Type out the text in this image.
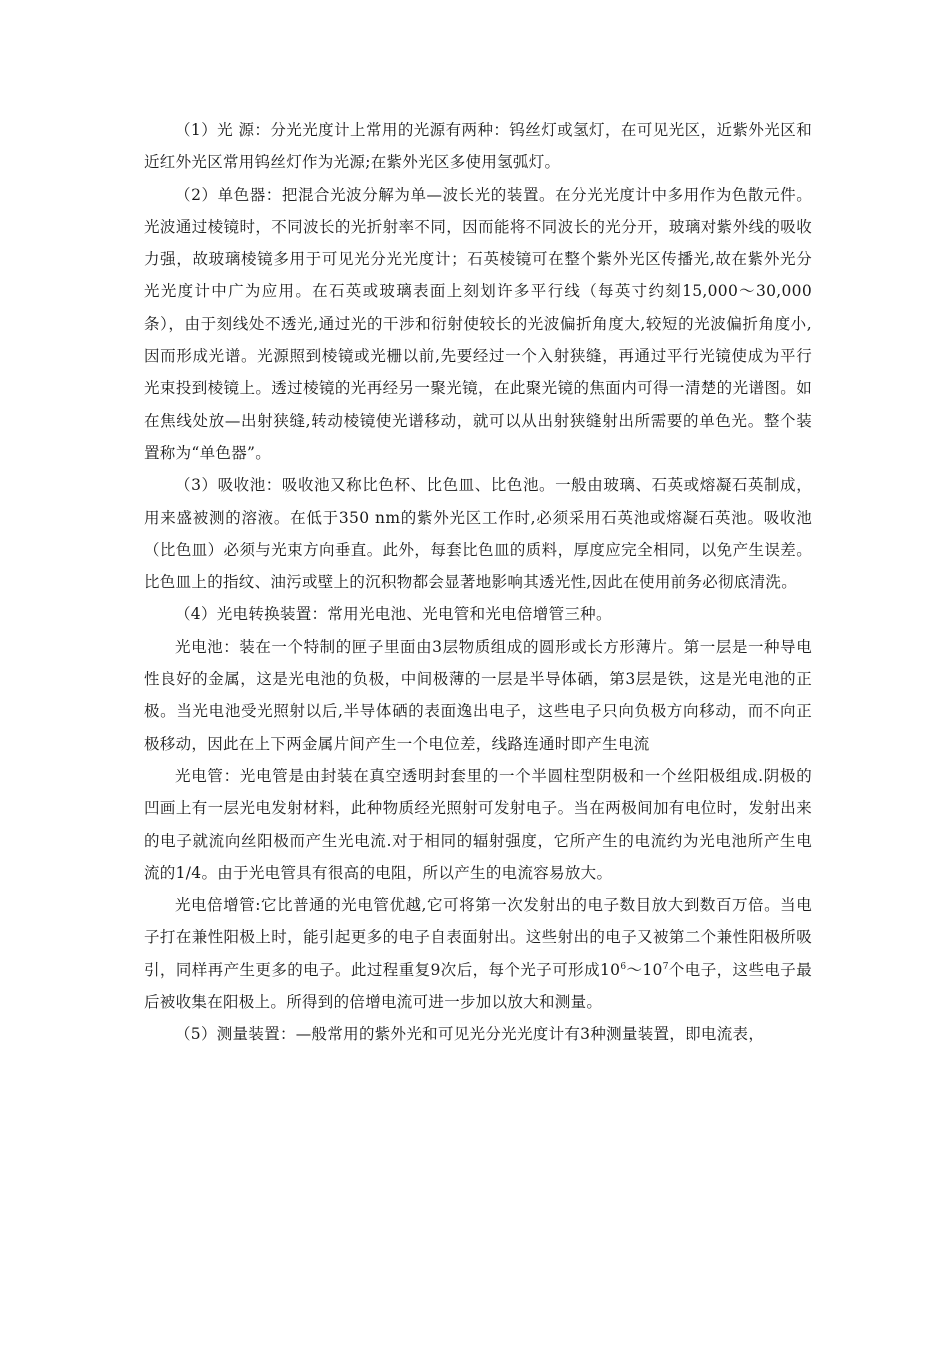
（1）光 源：分光光度计上常用的光源有两种：钨丝灯或氢灯，在可见光区，近紫外光区和近红外光区常用钨丝灯作为光源;在紫外光区多使用氢弧灯。

（2）单色器：把混合光波分解为单—波长光的装置。在分光光度计中多用作为色散元件。光波通过棱镜时，不同波长的光折射率不同，因而能将不同波长的光分开，玻璃对紫外线的吸收力强，故玻璃棱镜多用于可见光分光光度计；石英棱镜可在整个紫外光区传播光,故在紫外光分光光度计中广为应用。在石英或玻璃表面上刻划许多平行线（每英寸约刻15,000～30,000条），由于刻线处不透光,通过光的干涉和衍射使较长的光波偏折角度大,较短的光波偏折角度小,因而形成光谱。光源照到棱镜或光栅以前,先要经过一个入射狭缝，再通过平行光镜使成为平行光束投到棱镜上。透过棱镜的光再经另一聚光镜，在此聚光镜的焦面内可得一清楚的光谱图。如在焦线处放—出射狭缝,转动棱镜使光谱移动，就可以从出射狭缝射出所需要的单色光。整个装置称为“单色器”。

（3）吸收池：吸收池又称比色杯、比色皿、比色池。一般由玻璃、石英或熔凝石英制成，用来盛被测的溶液。在低于350 nm的紫外光区工作时,必须采用石英池或熔凝石英池。吸收池（比色皿）必须与光束方向垂直。此外，每套比色皿的质料，厚度应完全相同，以免产生误差。比色皿上的指纹、油污或壁上的沉积物都会显著地影响其透光性,因此在使用前务必彻底清洗。

（4）光电转换装置：常用光电池、光电管和光电倍增管三种。

光电池：装在一个特制的匣子里面由3层物质组成的圆形或长方形薄片。第一层是一种导电性良好的金属，这是光电池的负极，中间极薄的一层是半导体硒，第3层是铁，这是光电池的正极。当光电池受光照射以后,半导体硒的表面逸出电子，这些电子只向负极方向移动，而不向正极移动，因此在上下两金属片间产生一个电位差，线路连通时即产生电流

光电管：光电管是由封装在真空透明封套里的一个半圆柱型阴极和一个丝阳极组成.阴极的凹画上有一层光电发射材料，此种物质经光照射可发射电子。当在两极间加有电位时，发射出来的电子就流向丝阳极而产生光电流.对于相同的辐射强度，它所产生的电流约为光电池所产生电流的1/4。由于光电管具有很高的电阻，所以产生的电流容易放大。

光电倍增管:它比普通的光电管优越,它可将第一次发射出的电子数目放大到数百万倍。当电子打在兼性阳极上时，能引起更多的电子自表面射出。这些射出的电子又被第二个兼性阳极所吸引，同样再产生更多的电子。此过程重复9次后，每个光子可形成$10^6\sim 10^7$个电子，这些电子最后被收集在阳极上。所得到的倍增电流可进一步加以放大和测量。

（5）测量装置：—般常用的紫外光和可见光分光光度计有3种测量装置，即电流表，
